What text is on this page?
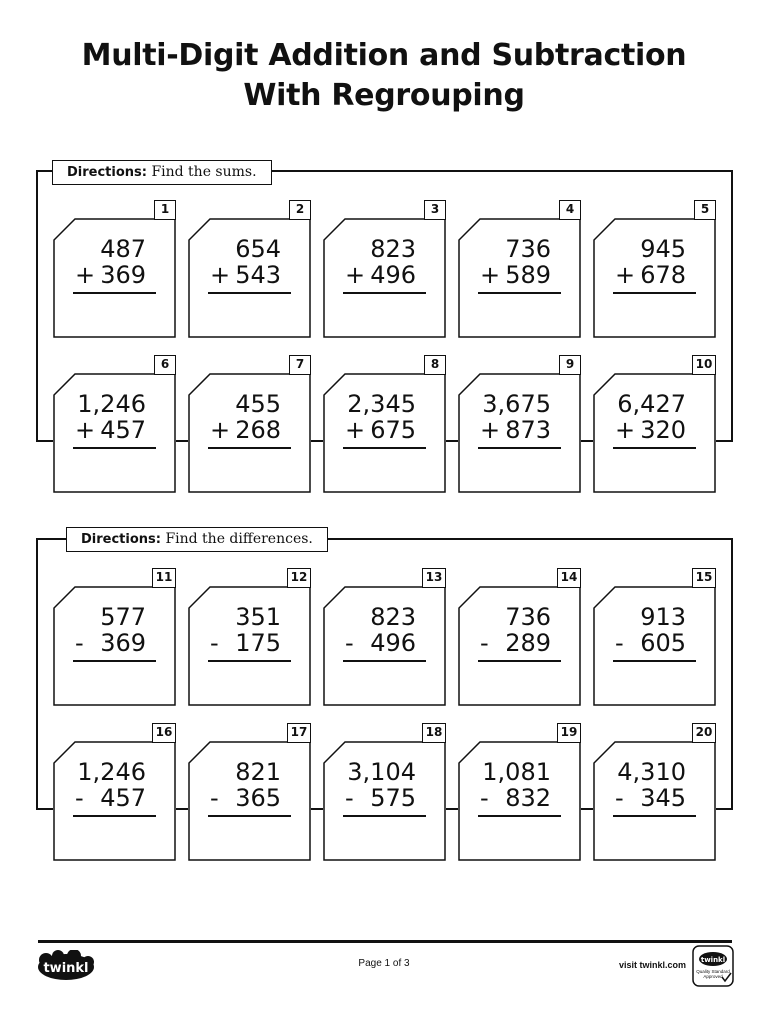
Multi-Digit Addition and Subtraction
With Regrouping
Directions: Find the sums.
Directions: Find the differences.
1
487
+ 369
2
654
+ 543
3
823
+ 496
4
736
+ 589
5
945
+ 678
6
1,246
+ 457
7
455
+ 268
8
2,345
+ 675
9
3,675
+ 873
10
6,427
+ 320
11
577
- 369
12
351
- 175
13
823
- 496
14
736
- 289
15
913
- 605
16
1,246
- 457
17
821
- 365
18
3,104
- 575
19
1,081
- 832
20
4,310
- 345
twinkl	Page 1 of 3	visit twinkl.com twinkl
Quality Standard Approved
